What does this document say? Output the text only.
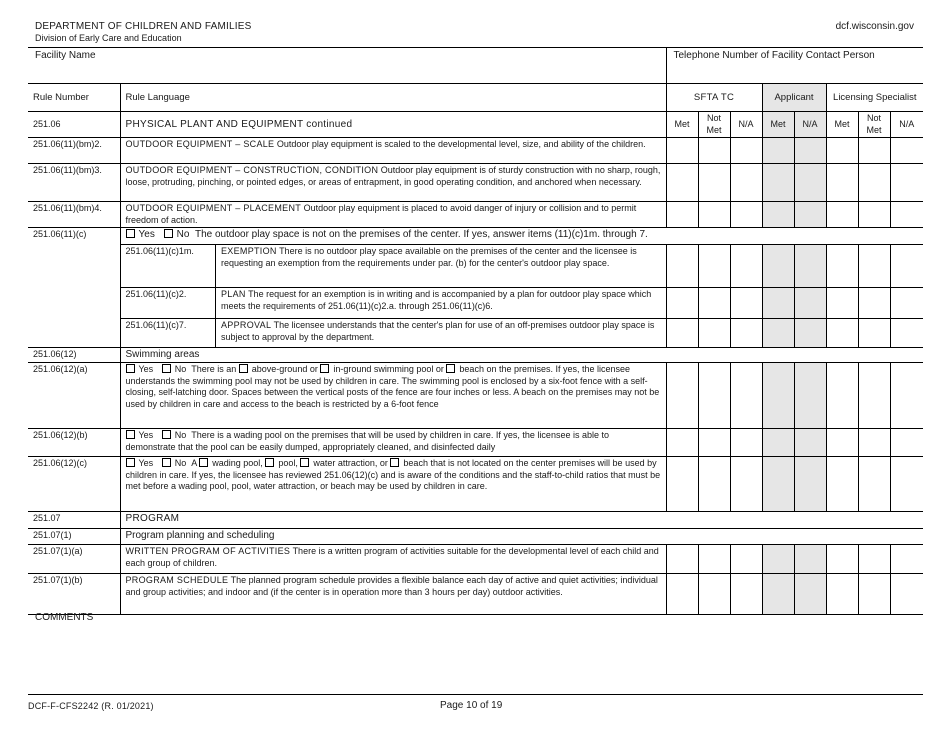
DEPARTMENT OF CHILDREN AND FAMILIES
Division of Early Care and Education
dcf.wisconsin.gov
Facility Name	Telephone Number of Facility Contact Person
Rule Number	Rule Language	SFTA TC	Applicant	Licensing Specialist
251.06	PHYSICAL PLANT AND EQUIPMENT continued	Met	Not Met	N/A	Met	N/A	Met	Not Met	N/A
251.06(11)(bm)2.	OUTDOOR EQUIPMENT – SCALE Outdoor play equipment is scaled to the developmental level, size, and ability of the children.								
251.06(11)(bm)3.	OUTDOOR EQUIPMENT – CONSTRUCTION, CONDITION Outdoor play equipment is of sturdy construction with no sharp, rough, loose, protruding, pinching, or pointed edges, or areas of entrapment, in good operating condition, and anchored when necessary.								
251.06(11)(bm)4.	OUTDOOR EQUIPMENT – PLACEMENT Outdoor play equipment is placed to avoid danger of injury or collision and to permit freedom of action.								
251.06(11)(c)	Yes No The outdoor play space is not on the premises of the center. If yes, answer items (11)(c)1m. through 7.

251.06(11)(c)1m.	EXEMPTION There is no outdoor play space available on the premises of the center and the licensee is requesting an exemption from the requirements under par. (b) for the center's outdoor play space.

251.06(11)(c)2.	PLAN The request for an exemption is in writing and is accompanied by a plan for outdoor play space which meets the requirements of 251.06(11)(c)2.a. through 251.06(11)(c)6.

251.06(11)(c)7.	APPROVAL The licensee understands that the center's plan for use of an off-premises outdoor play space is subject to approval by the department.

251.06(12)	Swimming areas
251.06(12)(a)	Yes No There is an above-ground or in-ground swimming pool or beach on the premises. If yes, the licensee understands the swimming pool may not be used by children in care. The swimming pool is enclosed by a six-foot fence with a self-closing, self-latching door. Spaces between the vertical posts of the fence are four inches or less. A beach on the premises may not be used by children in care and access to the beach is restricted by a 6-foot fence								
251.06(12)(b)	Yes No There is a wading pool on the premises that will be used by children in care. If yes, the licensee is able to demonstrate that the pool can be easily dumped, appropriately cleaned, and disinfected daily								
251.06(12)(c)	Yes No A wading pool, pool, water attraction, or beach that is not located on the center premises will be used by children in care. If yes, the licensee has reviewed 251.06(12)(c) and is aware of the conditions and the staff-to-child ratios that must be met before a wading pool, pool, water attraction, or beach may be used by children in care.								
251.07	PROGRAM
251.07(1)	Program planning and scheduling
251.07(1)(a)	WRITTEN PROGRAM OF ACTIVITIES There is a written program of activities suitable for the developmental level of each child and each group of children.								
251.07(1)(b)	PROGRAM SCHEDULE The planned program schedule provides a flexible balance each day of active and quiet activities; individual and group activities; and indoor and (if the center is in operation more than 3 hours per day) outdoor activities.								
COMMENTS
DCF-F-CFS2242 (R. 01/2021)	Page 10 of 19
